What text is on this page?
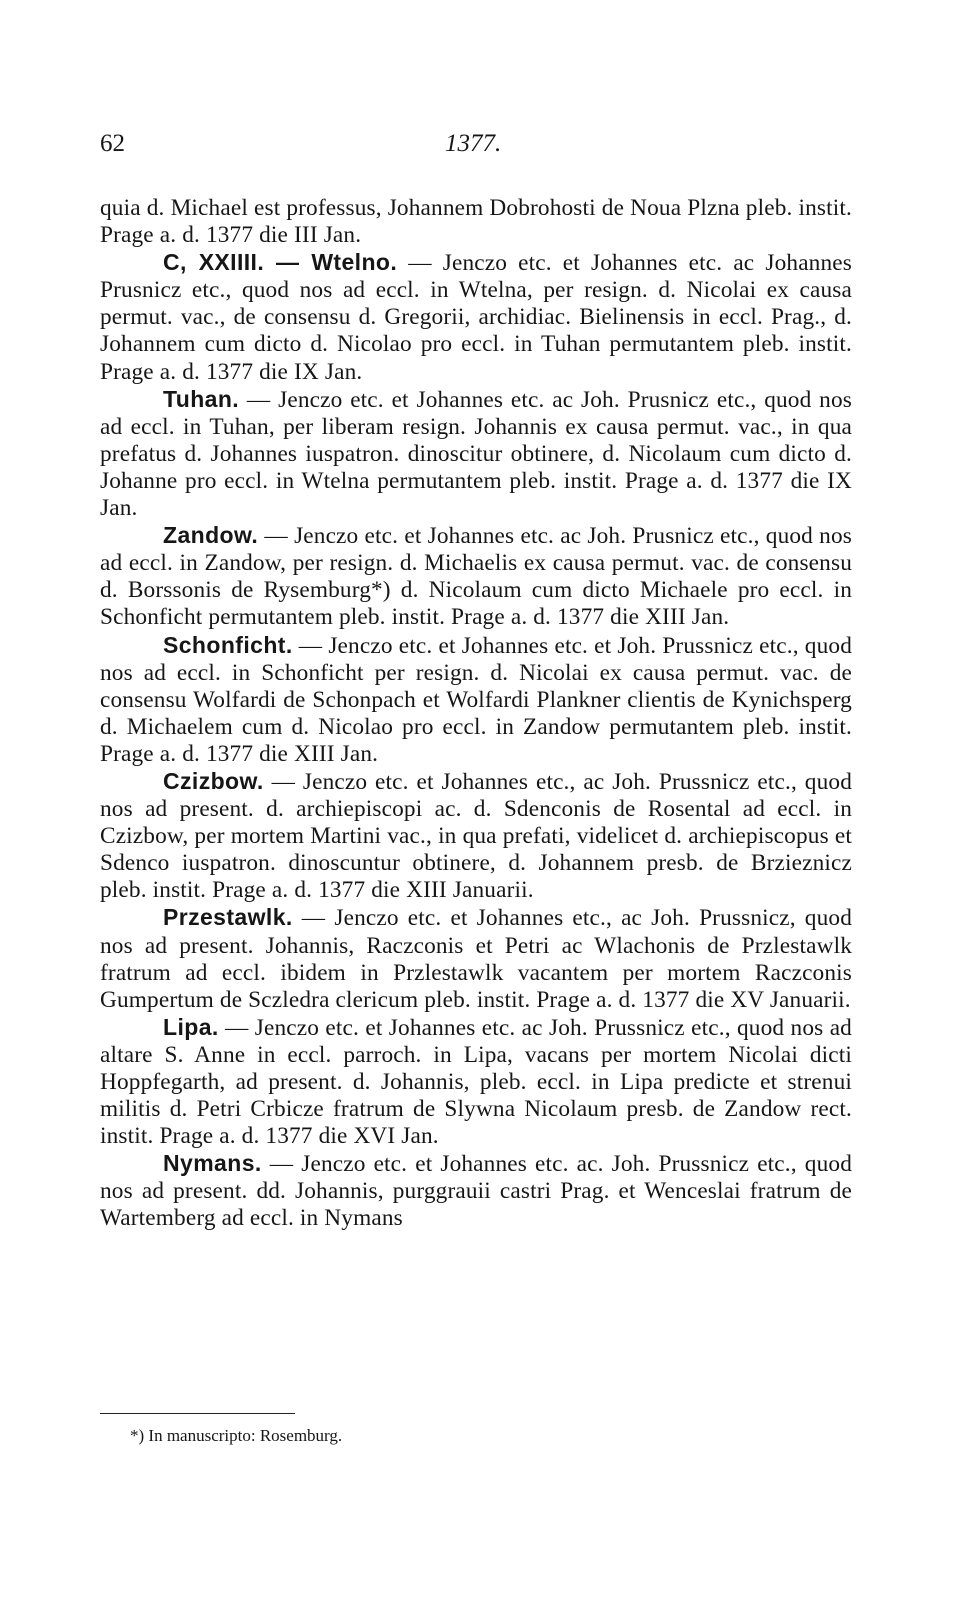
62	1377.

quia d. Michael est professus, Johannem Dobrohosti de Noua Plzna pleb. instit. Prage a. d. 1377 die III Jan.

C, XXIIII. — Wtelno. — Jenczo etc. et Johannes etc. ac Johannes Prusnicz etc., quod nos ad eccl. in Wtelna, per resign. d. Nicolai ex causa permut. vac., de consensu d. Gregorii, archidiac. Bielinensis in eccl. Prag., d. Johannem cum dicto d. Nicolao pro eccl. in Tuhan permutantem pleb. instit. Prage a. d. 1377 die IX Jan.

Tuhan. — Jenczo etc. et Johannes etc. ac Joh. Prusnicz etc., quod nos ad eccl. in Tuhan, per liberam resign. Johannis ex causa permut. vac., in qua prefatus d. Johannes iuspatron. dinoscitur obtinere, d. Nicolaum cum dicto d. Johanne pro eccl. in Wtelna permutantem pleb. instit. Prage a. d. 1377 die IX Jan.

Zandow. — Jenczo etc. et Johannes etc. ac Joh. Prusnicz etc., quod nos ad eccl. in Zandow, per resign. d. Michaelis ex causa permut. vac. de consensu d. Borssonis de Rysemburg*) d. Nicolaum cum dicto Michaele pro eccl. in Schonficht permutantem pleb. instit. Prage a. d. 1377 die XIII Jan.

Schonficht. — Jenczo etc. et Johannes etc. et Joh. Prussnicz etc., quod nos ad eccl. in Schonficht per resign. d. Nicolai ex causa permut. vac. de consensu Wolfardi de Schonpach et Wolfardi Plankner clientis de Kynichsperg d. Michaelem cum d. Nicolao pro eccl. in Zandow permutantem pleb. instit. Prage a. d. 1377 die XIII Jan.

Czizbow. — Jenczo etc. et Johannes etc., ac Joh. Prussnicz etc., quod nos ad present. d. archiepiscopi ac. d. Sdenconis de Rosental ad eccl. in Czizbow, per mortem Martini vac., in qua prefati, videlicet d. archiepiscopus et Sdenco iuspatron. dinoscuntur obtinere, d. Johannem presb. de Brzieznicz pleb. instit. Prage a. d. 1377 die XIII Januarii.

Przestawlk. — Jenczo etc. et Johannes etc., ac Joh. Prussnicz, quod nos ad present. Johannis, Raczconis et Petri ac Wlachonis de Przlestawlk fratrum ad eccl. ibidem in Przlestawlk vacantem per mortem Raczconis Gumpertum de Sczledra clericum pleb. instit. Prage a. d. 1377 die XV Januarii.

Lipa. — Jenczo etc. et Johannes etc. ac Joh. Prussnicz etc., quod nos ad altare S. Anne in eccl. parroch. in Lipa, vacans per mortem Nicolai dicti Hoppfegarth, ad present. d. Johannis, pleb. eccl. in Lipa predicte et strenui militis d. Petri Crbicze fratrum de Slywna Nicolaum presb. de Zandow rect. instit. Prage a. d. 1377 die XVI Jan.

Nymans. — Jenczo etc. et Johannes etc. ac. Joh. Prussnicz etc., quod nos ad present. dd. Johannis, purggrauii castri Prag. et Wenceslai fratrum de Wartemberg ad eccl. in Nymans

*) In manuscripto: Rosemburg.
